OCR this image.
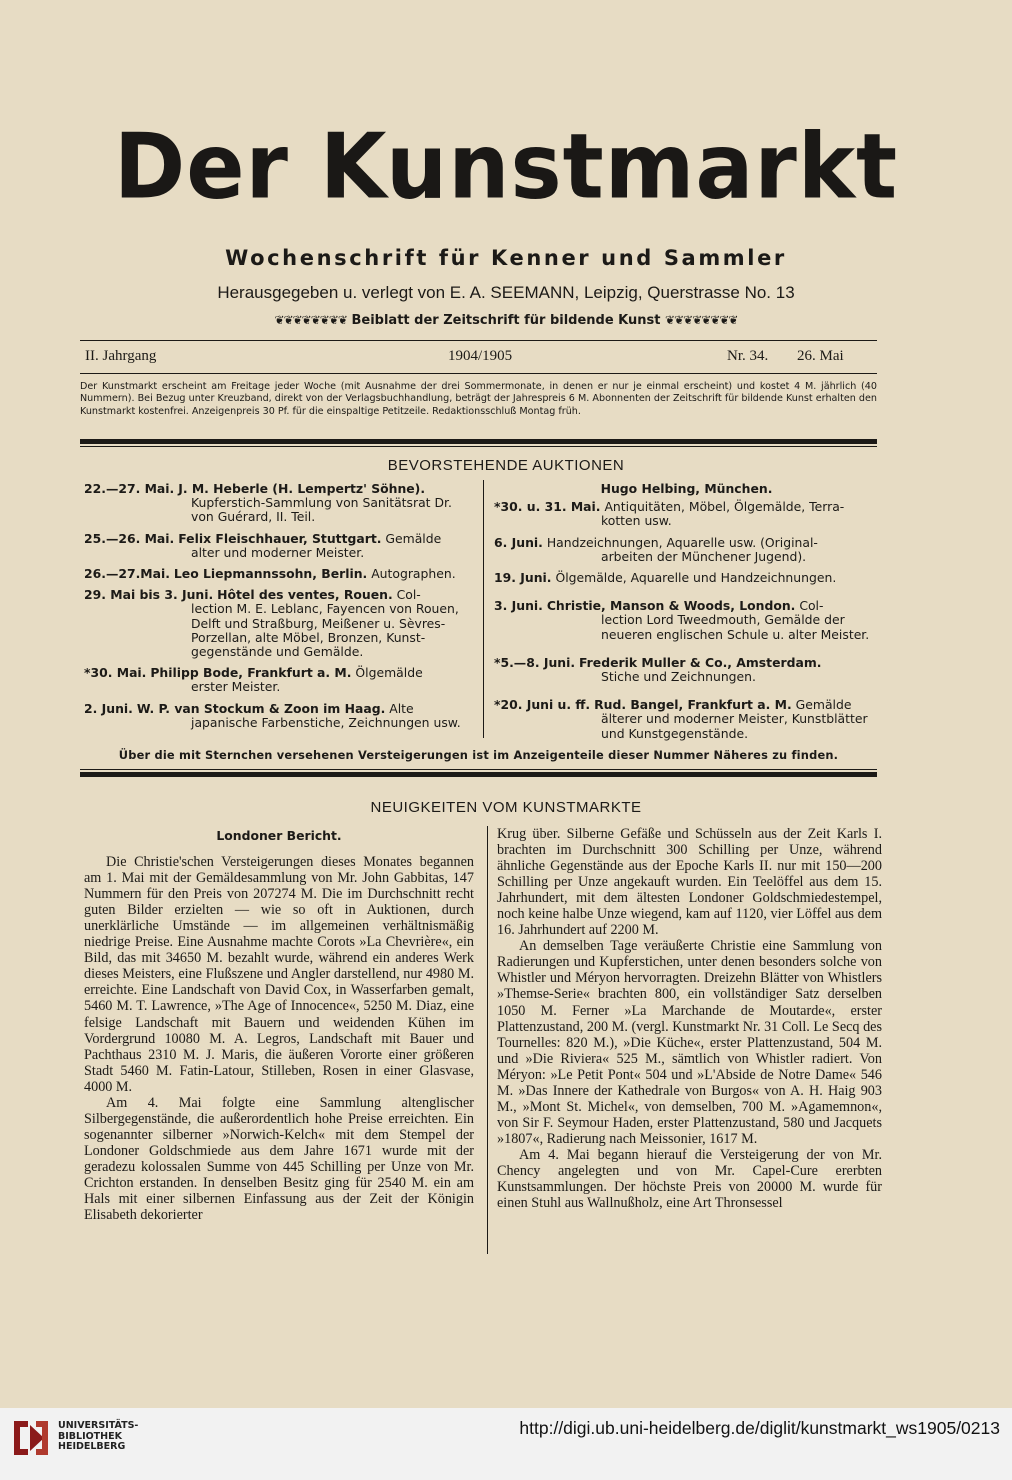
Der Kunstmarkt
Wochenschrift für Kenner und Sammler
Herausgegeben u. verlegt von E. A. SEEMANN, Leipzig, Querstrasse No. 13
❦❦❦❦❦❦❦❦ Beiblatt der Zeitschrift für bildende Kunst ❦❦❦❦❦❦❦❦
II. Jahrgang	1904/1905	Nr. 34. 26. Mai
Der Kunstmarkt erscheint am Freitage jeder Woche (mit Ausnahme der drei Sommermonate, in denen er nur je einmal erscheint) und kostet 4 M. jährlich (40 Nummern). Bei Bezug unter Kreuzband, direkt von der Verlagsbuchhandlung, beträgt der Jahrespreis 6 M. Abonnenten der Zeitschrift für bildende Kunst erhalten den Kunstmarkt kostenfrei. Anzeigenpreis 30 Pf. für die einspaltige Petitzeile. Redaktionsschluß Montag früh.
BEVORSTEHENDE AUKTIONEN
22.—27. Mai. J. M. Heberle (H. Lempertz' Söhne).
Kupferstich-Sammlung von Sanitätsrat Dr.
von Guérard, II. Teil.
25.—26. Mai. Felix Fleischhauer, Stuttgart. Gemälde
alter und moderner Meister.
26.—27.Mai. Leo Liepmannssohn, Berlin. Autographen.
29. Mai bis 3. Juni. Hôtel des ventes, Rouen. Col-
lection M. E. Leblanc, Fayencen von Rouen,
Delft und Straßburg, Meißener u. Sèvres-
Porzellan, alte Möbel, Bronzen, Kunst-
gegenstände und Gemälde.
*30. Mai. Philipp Bode, Frankfurt a. M. Ölgemälde
erster Meister.
2. Juni. W. P. van Stockum & Zoon im Haag. Alte
japanische Farbenstiche, Zeichnungen usw.
Hugo Helbing, München.
*30. u. 31. Mai. Antiquitäten, Möbel, Ölgemälde, Terra-
kotten usw.
6. Juni. Handzeichnungen, Aquarelle usw. (Original-
arbeiten der Münchener Jugend).
19. Juni. Ölgemälde, Aquarelle und Handzeichnungen.
3. Juni. Christie, Manson & Woods, London. Col-
lection Lord Tweedmouth, Gemälde der
neueren englischen Schule u. alter Meister.
*5.—8. Juni. Frederik Muller & Co., Amsterdam.
Stiche und Zeichnungen.
*20. Juni u. ff. Rud. Bangel, Frankfurt a. M. Gemälde
älterer und moderner Meister, Kunstblätter
und Kunstgegenstände.
Über die mit Sternchen versehenen Versteigerungen ist im Anzeigenteile dieser Nummer Näheres zu finden.
NEUIGKEITEN VOM KUNSTMARKTE
Londoner Bericht.

Die Christie'schen Versteigerungen dieses Monates begannen am 1. Mai mit der Gemäldesammlung von Mr. John Gabbitas, 147 Nummern für den Preis von 207274 M. Die im Durchschnitt recht guten Bilder erzielten — wie so oft in Auktionen, durch unerklärliche Umstände — im allgemeinen verhältnismäßig niedrige Preise. Eine Ausnahme machte Corots »La Chevrière«, ein Bild, das mit 34650 M. bezahlt wurde, während ein anderes Werk dieses Meisters, eine Flußszene und Angler darstellend, nur 4980 M. erreichte. Eine Landschaft von David Cox, in Wasserfarben gemalt, 5460 M. T. Lawrence, »The Age of Innocence«, 5250 M. Diaz, eine felsige Landschaft mit Bauern und weidenden Kühen im Vordergrund 10080 M. A. Legros, Landschaft mit Bauer und Pachthaus 2310 M. J. Maris, die äußeren Vororte einer größeren Stadt 5460 M. Fatin-Latour, Stilleben, Rosen in einer Glasvase, 4000 M.

Am 4. Mai folgte eine Sammlung altenglischer Silbergegenstände, die außerordentlich hohe Preise erreichten. Ein sogenannter silberner »Norwich-Kelch« mit dem Stempel der Londoner Goldschmiede aus dem Jahre 1671 wurde mit der geradezu kolossalen Summe von 445 Schilling per Unze von Mr. Crichton erstanden. In denselben Besitz ging für 2540 M. ein am Hals mit einer silbernen Einfassung aus der Zeit der Königin Elisabeth dekorierter

Krug über. Silberne Gefäße und Schüsseln aus der Zeit Karls I. brachten im Durchschnitt 300 Schilling per Unze, während ähnliche Gegenstände aus der Epoche Karls II. nur mit 150—200 Schilling per Unze angekauft wurden. Ein Teelöffel aus dem 15. Jahrhundert, mit dem ältesten Londoner Goldschmiedestempel, noch keine halbe Unze wiegend, kam auf 1120, vier Löffel aus dem 16. Jahrhundert auf 2200 M.

An demselben Tage veräußerte Christie eine Sammlung von Radierungen und Kupferstichen, unter denen besonders solche von Whistler und Méryon hervorragten. Dreizehn Blätter von Whistlers »Themse-Serie« brachten 800, ein vollständiger Satz derselben 1050 M. Ferner »La Marchande de Moutarde«, erster Plattenzustand, 200 M. (vergl. Kunstmarkt Nr. 31 Coll. Le Secq des Tournelles: 820 M.), »Die Küche«, erster Plattenzustand, 504 M. und »Die Riviera« 525 M., sämtlich von Whistler radiert. Von Méryon: »Le Petit Pont« 504 und »L'Abside de Notre Dame« 546 M. »Das Innere der Kathedrale von Burgos« von A. H. Haig 903 M., »Mont St. Michel«, von demselben, 700 M. »Agamemnon«, von Sir F. Seymour Haden, erster Plattenzustand, 580 und Jacquets »1807«, Radierung nach Meissonier, 1617 M.

Am 4. Mai begann hierauf die Versteigerung der von Mr. Chency angelegten und von Mr. Capel-Cure ererbten Kunstsammlungen. Der höchste Preis von 20000 M. wurde für einen Stuhl aus Wallnußholz, eine Art Thronsessel

UNIVERSITÄTS-
BIBLIOTHEK
HEIDELBERG
http://digi.ub.uni-heidelberg.de/diglit/kunstmarkt_ws1905/0213
